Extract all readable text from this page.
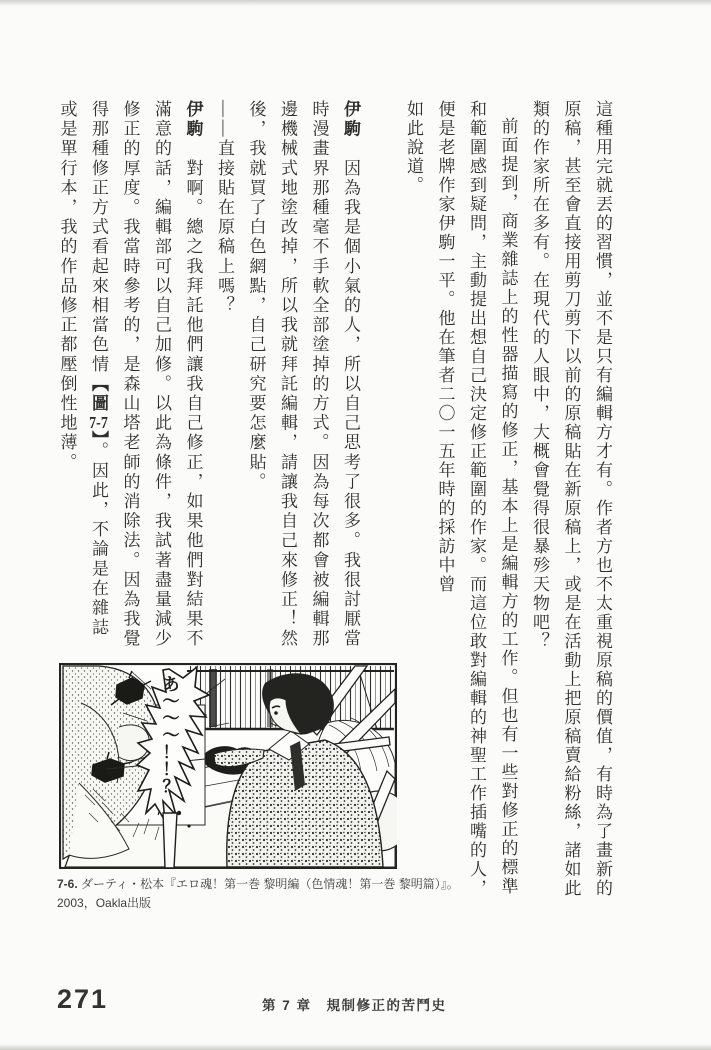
這種用完就丟的習慣，並不是只有編輯方才有。作者方也不太重視原稿的價值，有時為了畫新的原稿，甚至會直接用剪刀剪下以前的原稿貼在新原稿上，或是在活動上把原稿賣給粉絲，諸如此類的作家所在多有。在現代的人眼中，大概會覺得很暴殄天物吧？

前面提到，商業雜誌上的性器描寫的修正，基本上是編輯方的工作。但也有一些對修正的標準和範圍感到疑問，主動提出想自己決定修正範圍的作家。而這位敢對編輯的神聖工作插嘴的人，便是老牌作家伊駒一平。他在筆者二〇一五年時的採訪中曾

如此說道。

伊駒因為我是個小氣的人，所以自己思考了很多。我很討厭當時漫畫界那種毫不手軟全部塗掉的方式。因為每次都會被編輯那邊機械式地塗改掉，所以我就拜託編輯，請讓我自己來修正！然後，我就買了白色網點，自己研究要怎麼貼。

——直接貼在原稿上嗎？

伊駒對啊。總之我拜託他們讓我自己修正，如果他們對結果不滿意的話，編輯部可以自己加修。以此為條件，我試著盡量減少修正的厚度。我當時參考的，是森山塔老師的消除法。因為我覺得那種修正方式看起來相當色情【圖7-7】。因此，不論是在雜誌或是單行本，我的作品修正都壓倒性地薄。

あ〜〜〜！！？
7-6. ダーティ・松本『エロ魂！第一巻 黎明編（色情魂！第一巻 黎明篇）』。
2003，Oakla出版
271	第 7 章　規制修正的苦鬥史
